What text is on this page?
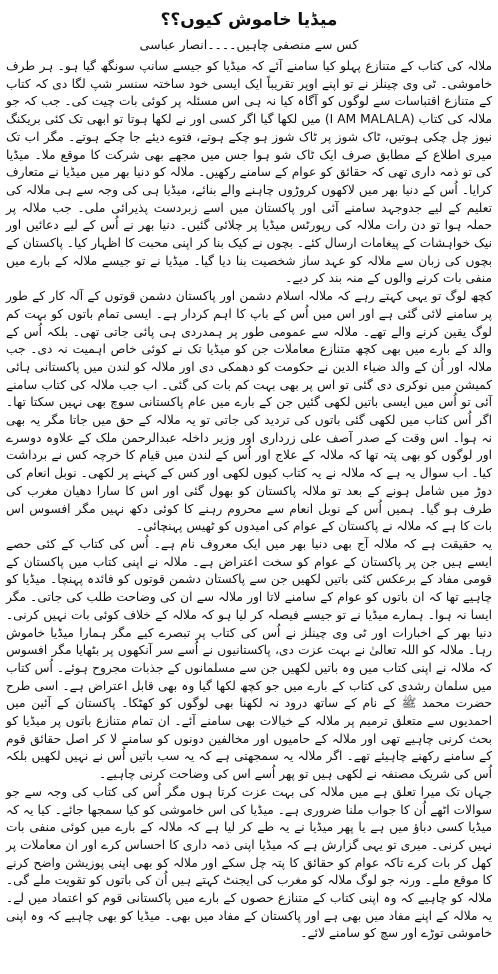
میڈیا خاموش کیوں؟؟
کس سے منصفی چاہیں۔۔۔۔انصار عباسی

ملالہ کی کتاب کے متنازع پہلو کیا سامنے آئے کہ میڈیا کو جیسے سانپ سونگھ گیا ہو۔ ہر طرف خاموشی۔ ٹی وی چینلز نے تو اپنے اوپر تقریباً ایک ایسی خود ساختہ سنسر شپ لگا دی کہ کتاب کے متنازع اقتباسات سے لوگوں کو آگاہ کیا نہ ہی اس مسئلہ پر کوئی بات چیت کی۔ جب کہ جو ملالہ کی کتاب (I AM MALALA) میں لکھا گیا اگر کسی اور نے لکھا ہوتا تو ابھی تک کئی بریکنگ نیوز چل چکی ہوتیں، ٹاک شوز پر ٹاک شوز ہو چکے ہوتے، فتوے دیئے جا چکے ہوتے۔ مگر اب تک میری اطلاع کے مطابق صرف ایک ٹاک شو ہوا جس میں مجھے بھی شرکت کا موقع ملا۔ میڈیا کی تو ذمہ داری تھی کہ حقائق کو عوام کے سامنے رکھیں۔ ملالہ کو دنیا بھر میں میڈیا نے متعارف کرایا۔ اُس کے دنیا بھر میں لاکھوں کروڑوں چاہنے والے بنائے، میڈیا ہی کی وجہ سے ہی ملالہ کی تعلیم کے لیے جدوجہد سامنے آئی اور پاکستان میں اسے زبردست پذیرائی ملی۔ جب ملالہ پر حملہ ہوا تو دن رات ملالہ کی رپورٹس میڈیا پر چلائی گئیں۔ دنیا بھر نے اُس کے لیے دعائیں اور نیک خواہشات کے پیغامات ارسال کئے۔ بچوں نے کیک بنا کر اپنی محبت کا اظہار کیا۔ پاکستان کے بچوں کی زبان سے ملالہ کو عہد ساز شخصیت بنا دیا گیا۔ میڈیا نے تو جیسے ملالہ کے بارے میں منفی بات کرنے والوں کے منہ بند کر دیے۔

کچھ لوگ تو یہی کہتے رہے کہ ملالہ اسلام دشمن اور پاکستان دشمن قوتوں کے آلہ کار کے طور پر سامنے لائی گئی ہے اور اس میں اُس کے باپ کا اہم کردار ہے۔ ایسی تمام باتوں کو بہت کم لوگ یقین کرنے والے تھے۔ ملالہ سے عمومی طور پر ہمدردی ہی پائی جاتی تھی۔ بلکہ اُس کے والد کے بارے میں بھی کچھ متنازع معاملات جن کو میڈیا تک نے کوئی خاص اہمیت نہ دی۔ جب ملالہ اور اُن کے والد ضیاء الدین نے حکومت کو دھمکی دی اور ملالہ کو لندن میں پاکستانی ہائی کمیشن میں نوکری دی گئی تو اس پر بھی بہت کم بات کی گئی۔ اب جب ملالہ کی کتاب سامنے آئی تو اُس میں ایسی باتیں لکھی گئیں جن کے بارے میں عام پاکستانی سوچ بھی نہیں سکتا تھا۔ اگر اُس کتاب میں لکھی گئی باتوں کی تردید کی جاتی تو یہ ملالہ کے حق میں جاتا مگر یہ بھی نہ ہوا۔ اس وقت کے صدر آصف علی زرداری اور وزیر داخلہ عبدالرحمن ملک کے علاوہ دوسرے اور لوگوں کو بھی پتہ تھا کہ ملالہ کے علاج اور اُس کے لندن میں قیام کا خرچہ کس نے برداشت کیا۔ اب سوال یہ ہے کہ ملالہ نے یہ کتاب کیوں لکھی اور کس کے کہنے پر لکھی۔ نوبل انعام کی دوڑ میں شامل ہونے کے بعد تو ملالہ پاکستان کو بھول گئی اور اس کا سارا دھیان مغرب کی طرف ہو گیا۔ ہمیں اُس کے نوبل انعام سے محروم رہنے کا کوئی دکھ نہیں مگر افسوس اس بات کا ہے کہ ملالہ نے پاکستان کے عوام کی امیدوں کو ٹھیس پہنچائی۔

یہ حقیقت ہے کہ ملالہ آج بھی دنیا بھر میں ایک معروف نام ہے۔ اُس کی کتاب کے کئی حصے ایسے ہیں جن پر پاکستان کے عوام کو سخت اعتراض ہے۔ ملالہ نے اپنی کتاب میں پاکستان کے قومی مفاد کے برعکس کئی باتیں لکھیں جن سے پاکستان دشمن قوتوں کو فائدہ پہنچا۔ میڈیا کو چاہیے تھا کہ ان باتوں کو عوام کے سامنے لاتا اور ملالہ سے ان کی وضاحت طلب کی جاتی۔ مگر ایسا نہ ہوا۔ ہمارے میڈیا نے تو جیسے فیصلہ کر لیا ہو کہ ملالہ کے خلاف کوئی بات نہیں کرنی۔ دنیا بھر کے اخبارات اور ٹی وی چینلز نے اُس کی کتاب پر تبصرے کیے مگر ہمارا میڈیا خاموش رہا۔ ملالہ کو اللہ تعالیٰ نے بہت عزت دی، پاکستانیوں نے اُسے سر آنکھوں پر بٹھایا مگر افسوس کہ ملالہ نے اپنی کتاب میں وہ باتیں لکھیں جن سے مسلمانوں کے جذبات مجروح ہوئے۔ اُس کتاب میں سلمان رشدی کی کتاب کے بارے میں جو کچھ لکھا گیا وہ بھی قابل اعتراض ہے۔ اسی طرح حضرت محمد ﷺ کے نام کے ساتھ درود نہ لکھنا بھی لوگوں کو کھٹکا۔ پاکستان کے آئین میں احمدیوں سے متعلق ترمیم پر ملالہ کے خیالات بھی سامنے آئے۔ ان تمام متنازع باتوں پر میڈیا کو بحث کرنی چاہیے تھی اور ملالہ کے حامیوں اور مخالفین دونوں کو سامنے لا کر اصل حقائق قوم کے سامنے رکھنے چاہیئے تھے۔ اگر ملالہ یہ سمجھتی ہے کہ یہ سب باتیں اُس نے نہیں لکھیں بلکہ اُس کی شریک مصنفہ نے لکھی ہیں تو پھر اُسے اس کی وضاحت کرنی چاہیے۔

جہاں تک میرا تعلق ہے میں ملالہ کی بہت عزت کرتا ہوں مگر اُس کی کتاب کی وجہ سے جو سوالات اٹھے اُن کا جواب ملنا ضروری ہے۔ میڈیا کی اس خاموشی کو کیا سمجھا جائے۔ کیا یہ کہ میڈیا کسی دباؤ میں ہے یا پھر میڈیا نے یہ طے کر لیا ہے کہ ملالہ کے بارے میں کوئی منفی بات نہیں کرنی۔ میری تو یہی گزارش ہے کہ میڈیا اپنی ذمہ داری کا احساس کرے اور ان معاملات پر کھل کر بات کرے تاکہ عوام کو حقائق کا پتہ چل سکے اور ملالہ کو بھی اپنی پوزیشن واضح کرنے کا موقع ملے۔ ورنہ جو لوگ ملالہ کو مغرب کی ایجنٹ کہتے ہیں اُن کی باتوں کو تقویت ملے گی۔ ملالہ کو چاہیے کہ وہ اپنی کتاب کے متنازع حصوں کے بارے میں پاکستانی قوم کو اعتماد میں لے۔ یہ ملالہ کے اپنے مفاد میں بھی ہے اور پاکستان کے مفاد میں بھی۔ میڈیا کو بھی چاہیے کہ وہ اپنی خاموشی توڑے اور سچ کو سامنے لائے۔
